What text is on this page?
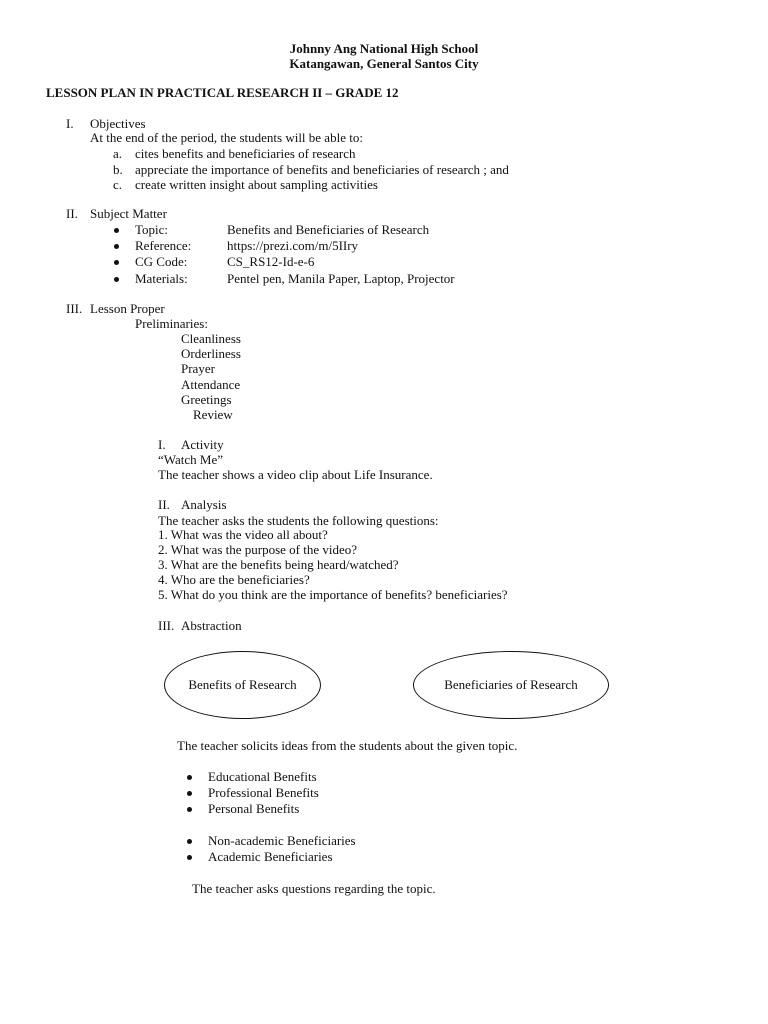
Johnny Ang National High School
Katangawan, General Santos City
LESSON PLAN IN PRACTICAL RESEARCH II – GRADE 12
I. Objectives
At the end of the period, the students will be able to:
a. cites benefits and beneficiaries of research
b. appreciate the importance of benefits and beneficiaries of research ; and
c. create written insight about sampling activities
II. Subject Matter
Topic:	Benefits and Beneficiaries of Research
Reference:	https://prezi.com/m/5IIry
CG Code:	CS_RS12-Id-e-6
Materials:	Pentel pen, Manila Paper, Laptop, Projector
III. Lesson Proper
Preliminaries:
Cleanliness
Orderliness
Prayer
Attendance
Greetings
Review
I. Activity
“Watch Me”
The teacher shows a video clip about Life Insurance.
II. Analysis
The teacher asks the students the following questions:
1. What was the video all about?
2. What was the purpose of the video?
3. What are the benefits being heard/watched?
4. Who are the beneficiaries?
5. What do you think are the importance of benefits? beneficiaries?
III. Abstraction
Benefits of Research	Beneficiaries of Research
The teacher solicits ideas from the students about the given topic.
Educational Benefits
Professional Benefits
Personal Benefits
Non-academic Beneficiaries
Academic Beneficiaries
The teacher asks questions regarding the topic.
